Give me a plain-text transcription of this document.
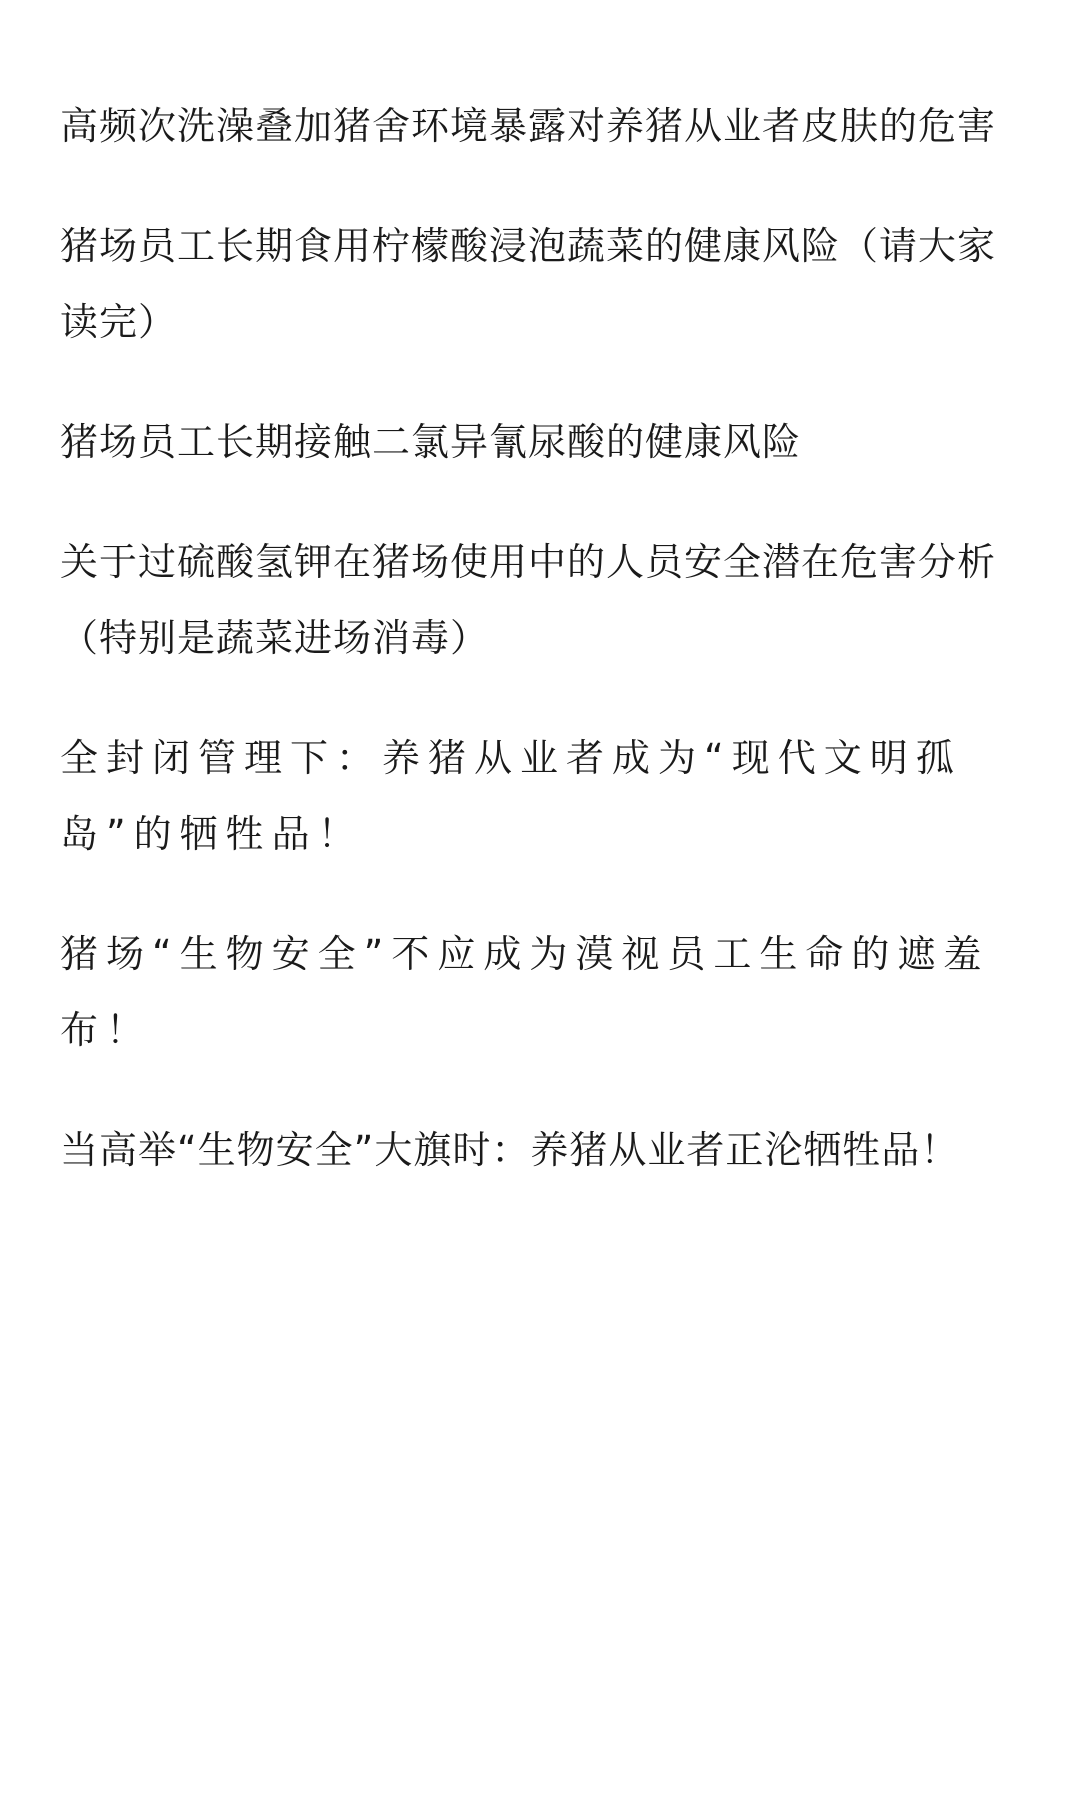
高频次洗澡叠加猪舍环境暴露对养猪从业者皮肤的危害
猪场员工长期食用柠檬酸浸泡蔬菜的健康风险（请大家读完）
猪场员工长期接触二氯异氰尿酸的健康风险
关于过硫酸氢钾在猪场使用中的人员安全潜在危害分析（特别是蔬菜进场消毒）
全封闭管理下：养猪从业者成为“现代文明孤岛”的牺牲品！
猪场“生物安全”不应成为漠视员工生命的遮羞布！
当高举“生物安全”大旗时：养猪从业者正沦牺牲品！
